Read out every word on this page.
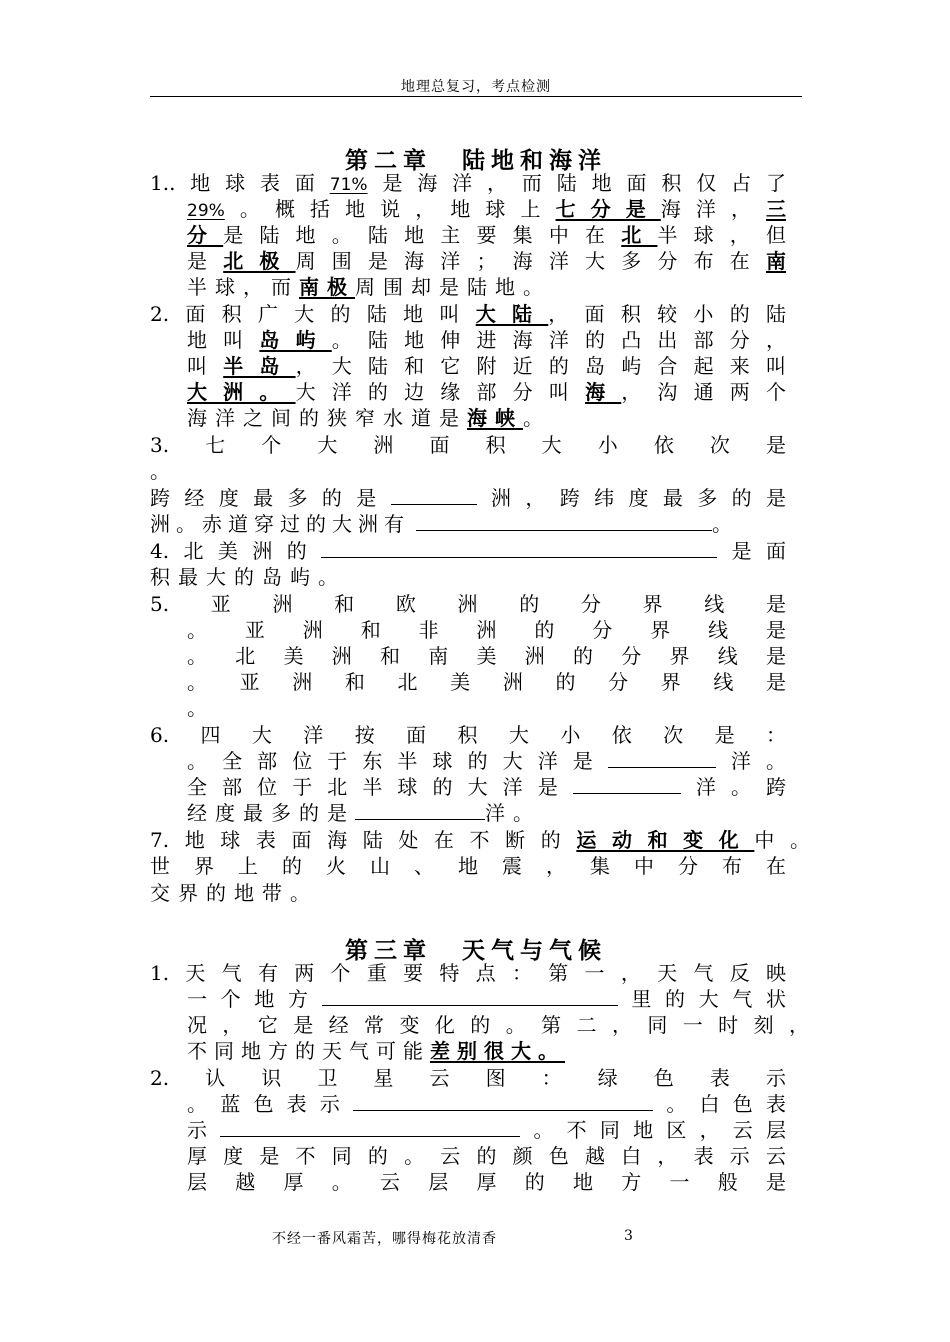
地理总复习，考点检测
第二章 陆地和海洋
1..地球表面71%是海洋，而陆地面积仅占了
29%。概括地说，地球上七分是海洋，三
分是陆地。陆地主要集中在北半球，但
是北极周围是海洋；海洋大多分布在南
半球，而南极周围却是陆地。
2.面积广大的陆地叫大陆，面积较小的陆
地叫岛屿。陆地伸进海洋的凸出部分，
叫半岛，大陆和它附近的岛屿合起来叫
大洲。大洋的边缘部分叫海，沟通两个
海洋之间的狭窄水道是海峡。
3.七个大洲面积大小依次是
。
跨经度最多的是	洲，跨纬度最多的是
洲。赤道穿过的大洲有	。
4.北美洲的	是面
积最大的岛屿。
5.亚洲和欧洲的分界线是
。亚洲和非洲的分界线是
。北美洲和南美洲的分界线是
。亚洲和北美洲的分界线是
。
6.四大洋按面积大小依次是：
。全部位于东半球的大洋是	洋。
全部位于北半球的大洋是	洋。跨
经度最多的是	洋。
7.地球表面海陆处在不断的运动和变化中。
世界上的火山、地震，集中分布在
交界的地带。
第三章 天气与气候
1.天气有两个重要特点：第一，天气反映
一个地方	里的大气状
况，它是经常变化的。第二，同一时刻，
不同地方的天气可能差别很大。
2.认识卫星云图：绿色表示
。蓝色表示	。白色表
示	。不同地区，云层
厚度是不同的。云的颜色越白，表示云
层越厚。云层厚的地方一般是
不经一番风霜苦，哪得梅花放清香	3
